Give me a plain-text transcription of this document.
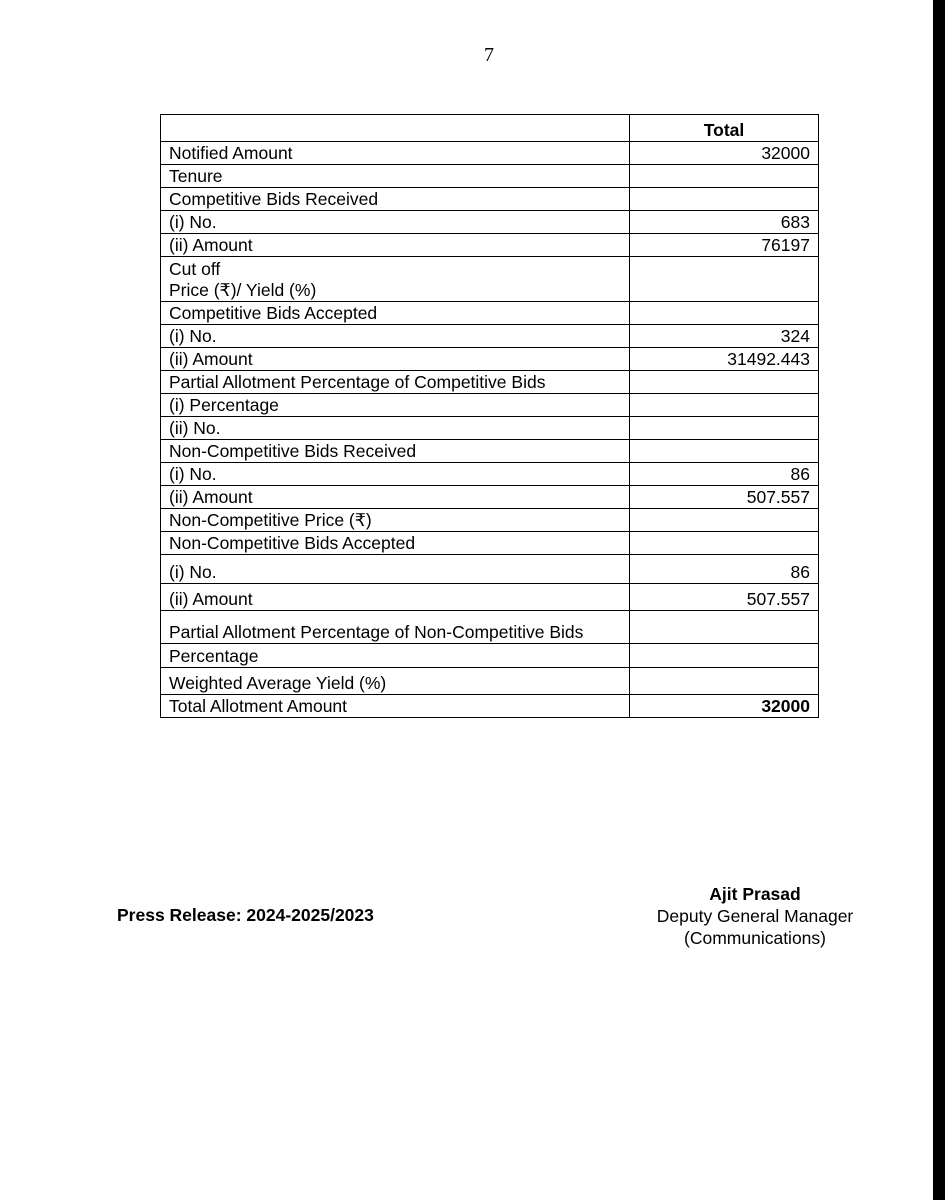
7
	Total
Notified Amount	32000
Tenure	
Competitive Bids Received	
(i) No.	683
(ii) Amount	76197

Cut off
Price (₹)/ Yield (%)	

Competitive Bids Accepted	
(i) No.	324
(ii) Amount	31492.443
Partial Allotment Percentage of Competitive Bids	
(i) Percentage	
(ii) No.	
Non-Competitive Bids Received	
(i) No.	86
(ii) Amount	507.557
Non-Competitive Price (₹)	
Non-Competitive Bids Accepted	
(i) No.	86
(ii) Amount	507.557
Partial Allotment Percentage of Non-Competitive Bids	
Percentage	
Weighted Average Yield (%)	
Total Allotment Amount	32000
Press Release: 2024-2025/2023
Ajit Prasad
Deputy General Manager
(Communications)
